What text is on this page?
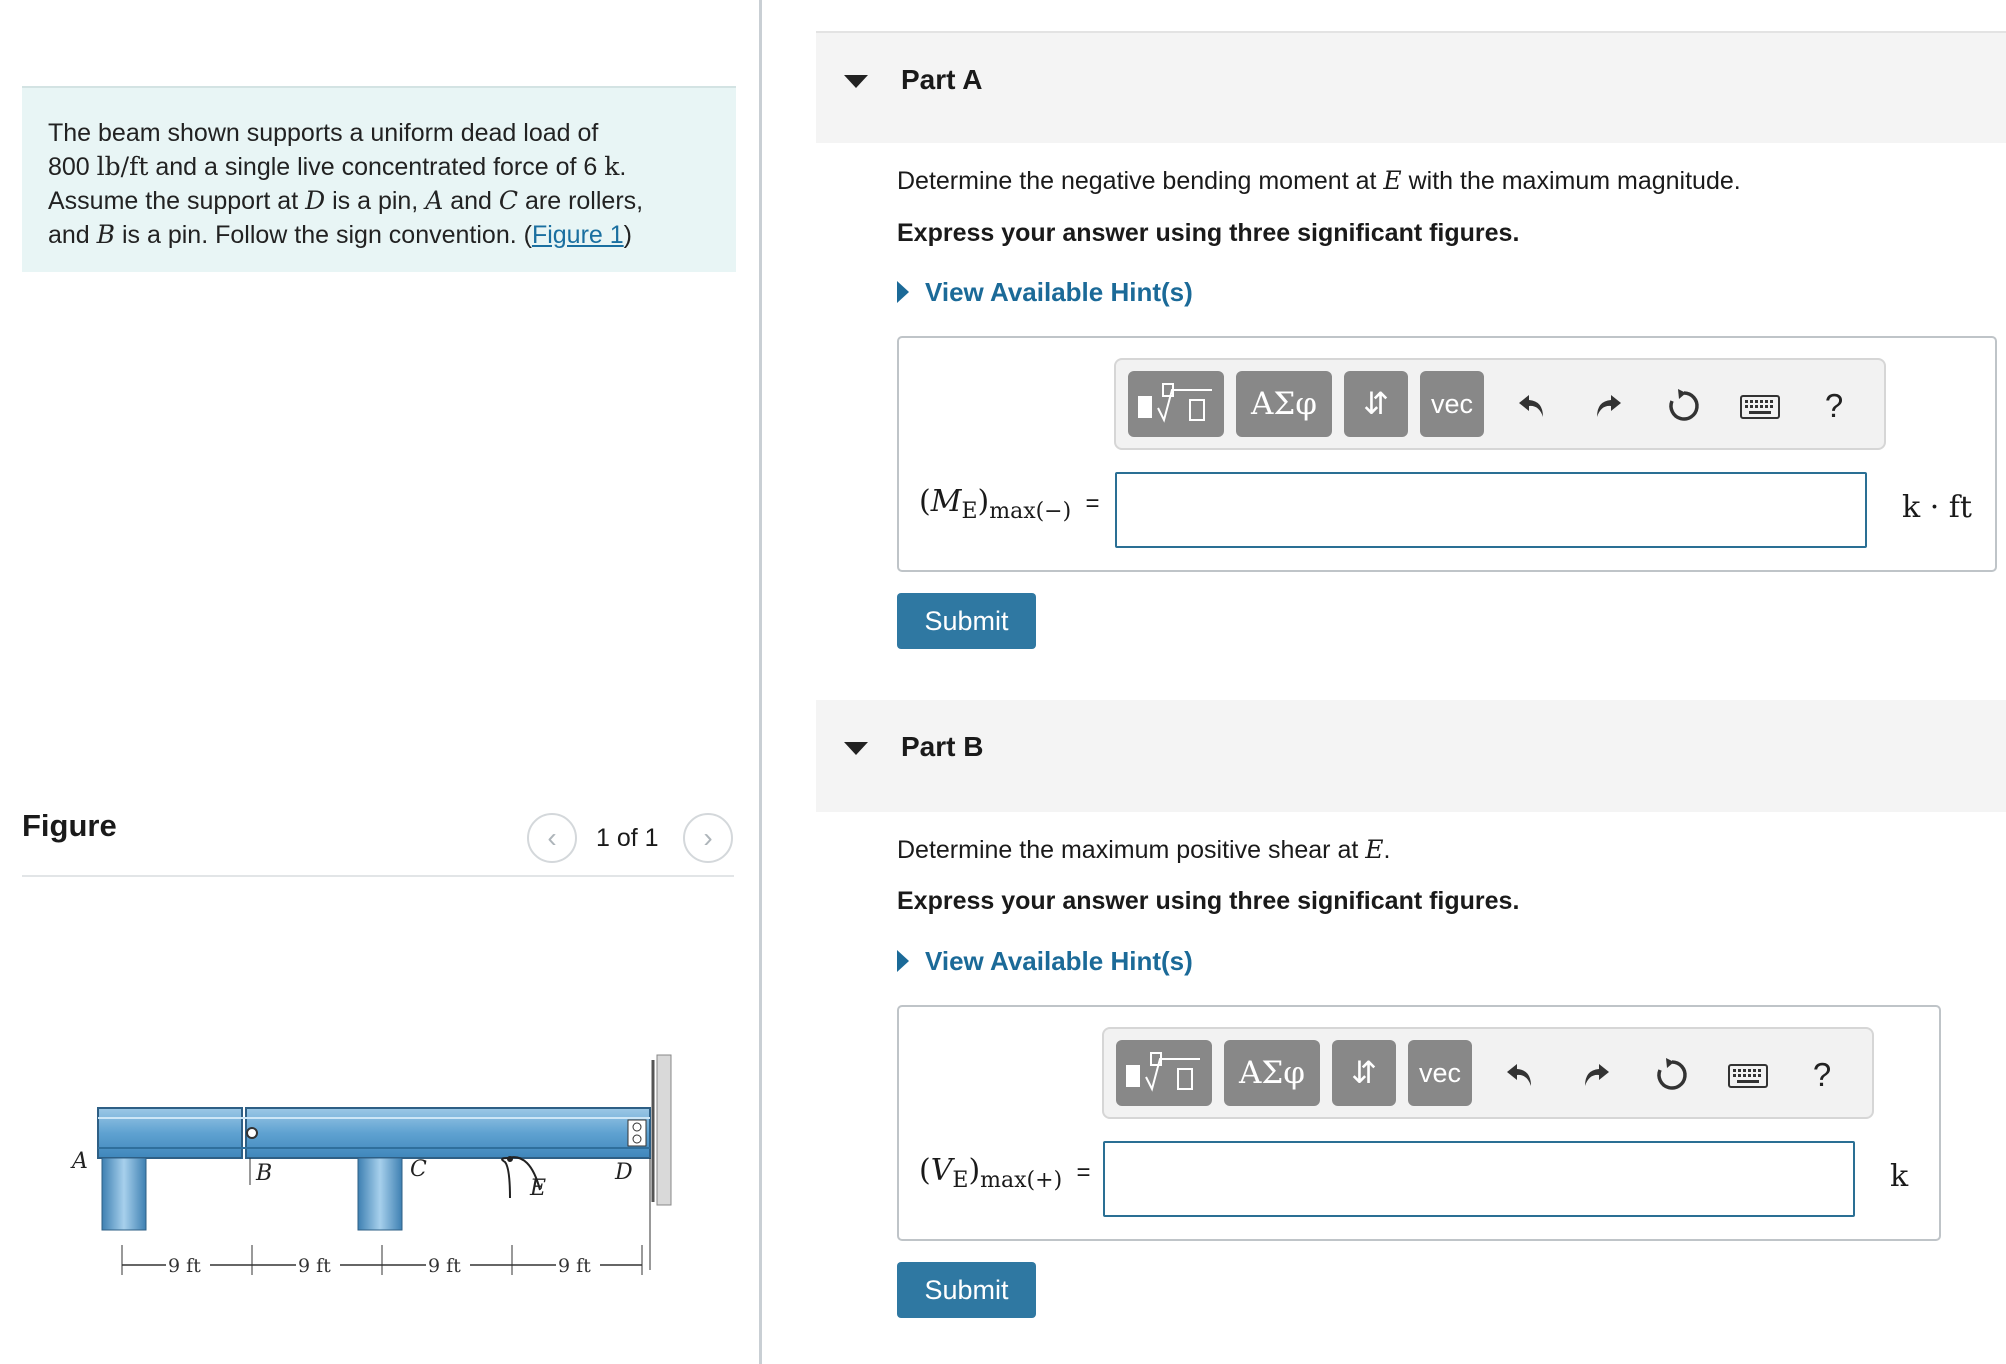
The beam shown supports a uniform dead load of
800 lb/ft and a single live concentrated force of 6 k.
Assume the support at D is a pin, A and C are rollers,
and B is a pin. Follow the sign convention. (Figure 1)
Figure	‹ 1 of 1 ›
A	B	C
E
D
9 ft	9 ft	9 ft	9 ft
Part A
Determine the negative bending moment at E with the maximum magnitude.
Express your answer using three significant figures.
View Available Hint(s)
ΑΣφ	⇵	vec	?
$(M_E)_{max(-)}$ =	k · ft
Submit
Part B
Determine the maximum positive shear at E.
Express your answer using three significant figures.
View Available Hint(s)
ΑΣφ	⇵	vec	?
$(V_E)_{max(+)}$ =	k
Submit
